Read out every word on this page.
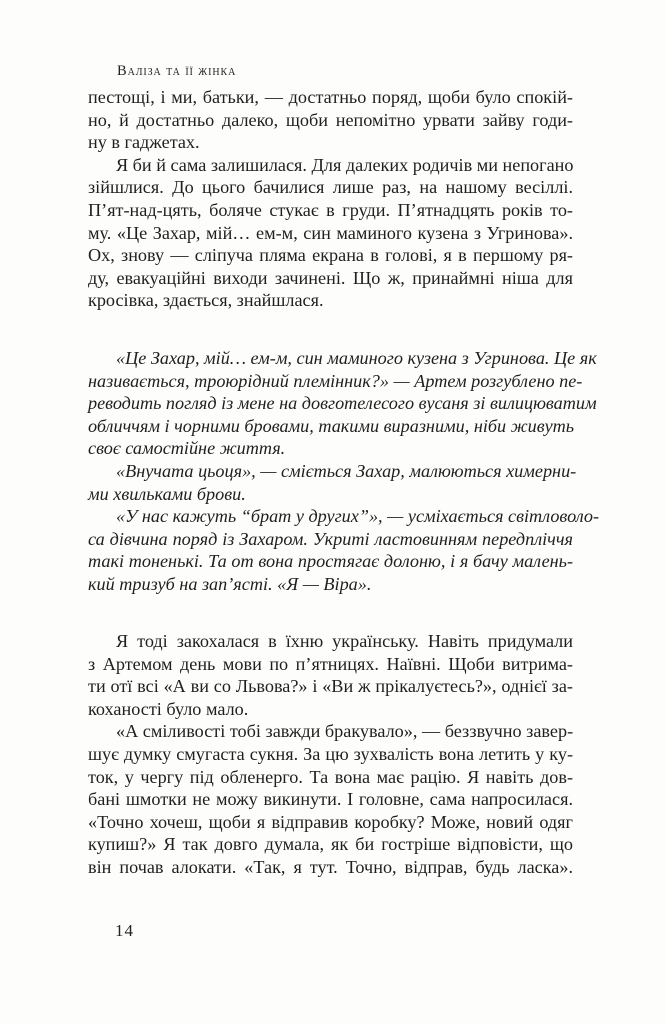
Валіза та її жінка
пестощі, і ми, батьки, — достатньо поряд, щоби було спокій-
но, й достатньо далеко, щоби непомітно урвати зайву годи-
ну в гаджетах.
Я би й сама залишилася. Для далеких родичів ми непогано
зійшлися. До цього бачилися лише раз, на нашому весіллі.
П’ят-над-цять, боляче стукає в груди. П’ятнадцять років то-
му. «Це Захар, мій… ем-м, син маминого кузена з Угринова».
Ох, знову — сліпуча пляма екрана в голові, я в першому ря-
ду, евакуаційні виходи зачинені. Що ж, принаймні ніша для
кросівка, здається, знайшлася.
«Це Захар, мій… ем-м, син маминого кузена з Угринова. Це як
називається, троюрідний племінник?» — Артем розгублено пе-
реводить погляд із мене на довготелесого вусаня зі вилицюватим
обличчям і чорними бровами, такими виразними, ніби живуть
своє самостійне життя.
«Внучата цьоця», — сміється Захар, малюються химерни-
ми хвильками брови.
«У нас кажуть “брат у других”», — усміхається світловоло-
са дівчина поряд із Захаром. Укриті ластовинням передпліччя
такі тоненькі. Та от вона простягає долоню, і я бачу малень-
кий тризуб на зап’ясті. «Я — Віра».
Я тоді закохалася в їхню українську. Навіть придумали
з Артемом день мови по п’ятницях. Наївні. Щоби витрима-
ти отї всі «А ви со Львова?» і «Ви ж прікалуєтесь?», однієї за-
коханості було мало.
«А сміливості тобі завжди бракувало», — беззвучно завер-
шує думку смугаста сукня. За цю зухвалість вона летить у ку-
ток, у чергу під обленерго. Та вона має рацію. Я навіть дов-
бані шмотки не можу викинути. І головне, сама напросилася.
«Точно хочеш, щоби я відправив коробку? Може, новий одяг
купиш?» Я так довго думала, як би гостріше відповісти, що
він почав алокати. «Так, я тут. Точно, відправ, будь ласка».
14
